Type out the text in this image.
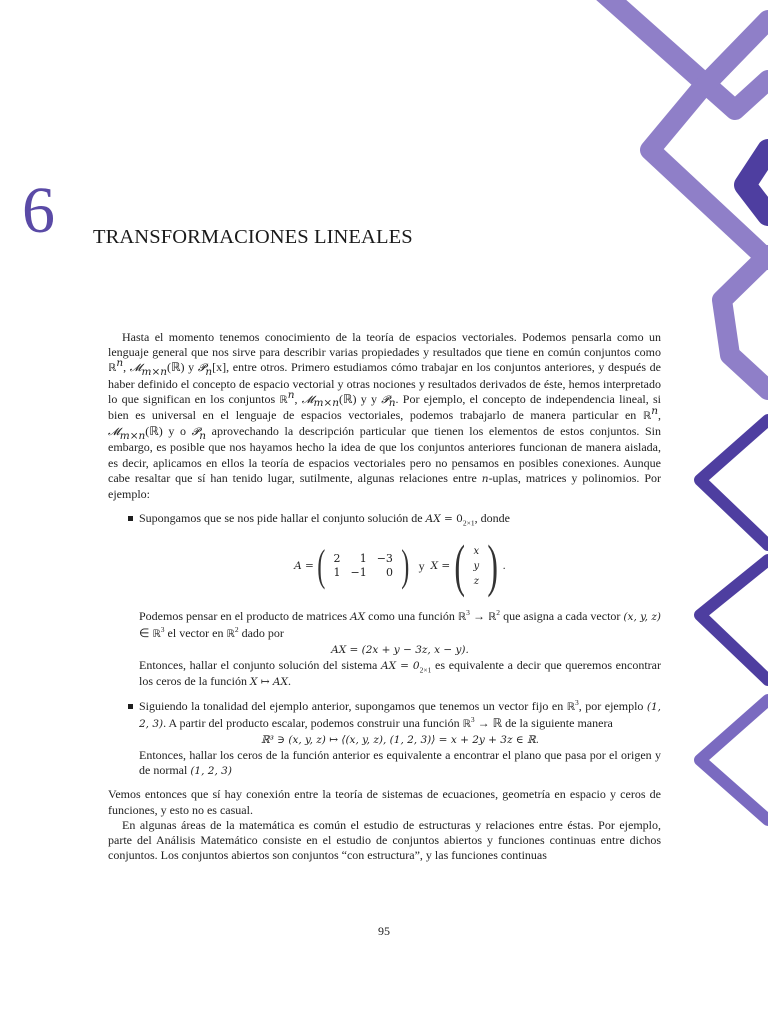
6 TRANSFORMACIONES LINEALES

Hasta el momento tenemos conocimiento de la teoría de espacios vectoriales. Podemos pensarla como un lenguaje general que nos sirve para describir varias propiedades y resultados que tiene en común conjuntos como ℝ$^n$, 𝓜$_{m\times n}$(ℝ) y 𝓟$_n$[x], entre otros. Primero estudiamos cómo trabajar en los conjuntos anteriores, y después de haber definido el concepto de espacio vectorial y otras nociones y resultados derivados de éste, hemos interpretado lo que significan en los conjuntos ℝ$^n$, 𝓜$_{m\times n}$(ℝ) y y 𝓟$_n$. Por ejemplo, el concepto de independencia lineal, si bien es universal en el lenguaje de espacios vectoriales, podemos trabajarlo de manera particular en ℝ$^n$, 𝓜$_{m\times n}$(ℝ) y o 𝓟$_n$ aprovechando la descripción particular que tienen los elementos de estos conjuntos. Sin embargo, es posible que nos hayamos hecho la idea de que los conjuntos anteriores funcionan de manera aislada, es decir, aplicamos en ellos la teoría de espacios vectoriales pero no pensamos en posibles conexiones. Aunque cabe resaltar que sí han tenido lugar, sutilmente, algunas relaciones entre n-uplas, matrices y polinomios. Por ejemplo:

Supongamos que se nos pide hallar el conjunto solución de AX = $0_{2\times 1}$, donde

A = ( 2	1	−3
1	−1	0 ) y X = ( x
y
z ) .

Podemos pensar en el producto de matrices AX como una función ℝ$^3$ → ℝ$^2$ que asigna a cada vector (x, y, z) ∈ ℝ$^3$ el vector en ℝ$^2$ dado por

AX = (2x + y − 3z, x − y).

Entonces, hallar el conjunto solución del sistema AX = $0_{2\times 1}$ es equivalente a decir que queremos encontrar los ceros de la función X ↦ AX.

Siguiendo la tonalidad del ejemplo anterior, supongamos que tenemos un vector fijo en ℝ$^3$, por ejemplo (1, 2, 3). A partir del producto escalar, podemos construir una función ℝ$^3$ → ℝ de la siguiente manera

ℝ³ ∋ (x, y, z) ↦ ⟨(x, y, z), (1, 2, 3)⟩ = x + 2y + 3z ∈ ℝ.

Entonces, hallar los ceros de la función anterior es equivalente a encontrar el plano que pasa por el origen y de normal (1, 2, 3)

Vemos entonces que sí hay conexión entre la teoría de sistemas de ecuaciones, geometría en espacio y ceros de funciones, y esto no es casual.

En algunas áreas de la matemática es común el estudio de estructuras y relaciones entre éstas. Por ejemplo, parte del Análisis Matemático consiste en el estudio de conjuntos abiertos y funciones continuas entre dichos conjuntos. Los conjuntos abiertos son conjuntos “con estructura”, y las funciones continuas

95
